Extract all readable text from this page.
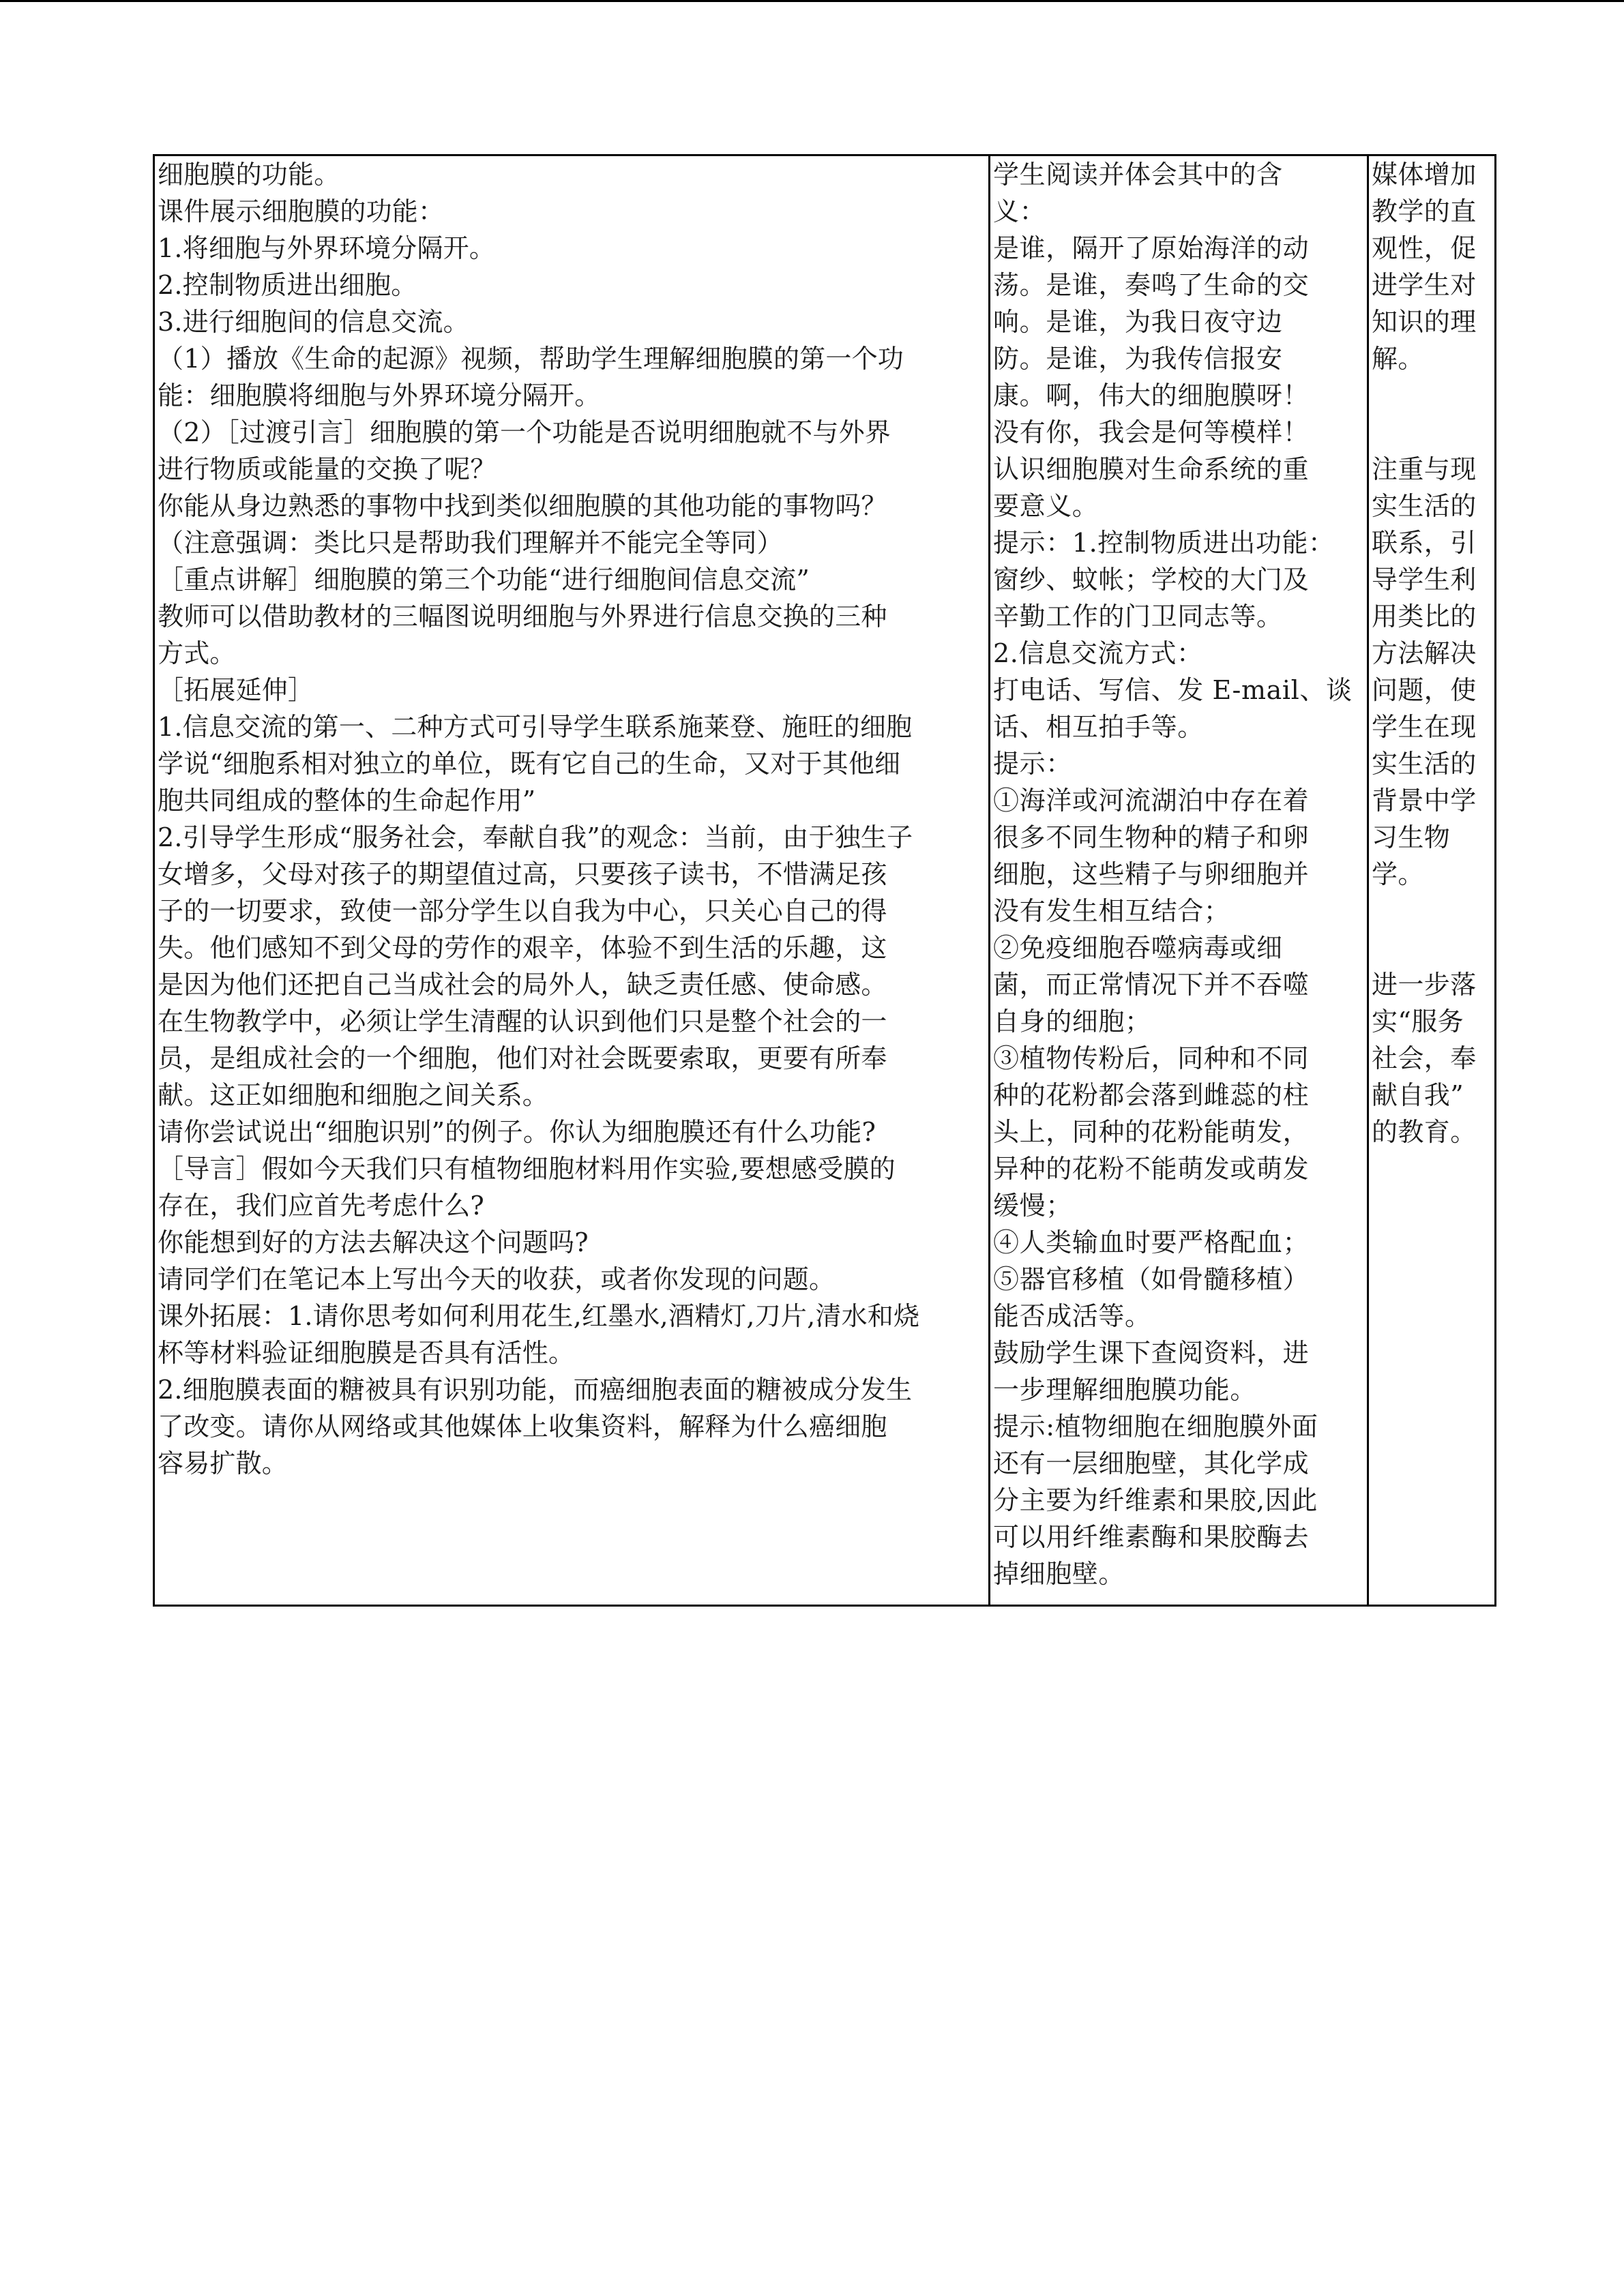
细胞膜的功能。
课件展示细胞膜的功能：
1.将细胞与外界环境分隔开。
2.控制物质进出细胞。
3.进行细胞间的信息交流。
（1）播放《生命的起源》视频，帮助学生理解细胞膜的第一个功
能：细胞膜将细胞与外界环境分隔开。
（2）［过渡引言］细胞膜的第一个功能是否说明细胞就不与外界
进行物质或能量的交换了呢？
你能从身边熟悉的事物中找到类似细胞膜的其他功能的事物吗？
（注意强调：类比只是帮助我们理解并不能完全等同）
［重点讲解］细胞膜的第三个功能“进行细胞间信息交流”
教师可以借助教材的三幅图说明细胞与外界进行信息交换的三种
方式。
［拓展延伸］
1.信息交流的第一、二种方式可引导学生联系施莱登、施旺的细胞
学说“细胞系相对独立的单位，既有它自己的生命，又对于其他细
胞共同组成的整体的生命起作用”
2.引导学生形成“服务社会，奉献自我”的观念：当前，由于独生子
女增多，父母对孩子的期望值过高，只要孩子读书，不惜满足孩
子的一切要求，致使一部分学生以自我为中心，只关心自己的得
失。他们感知不到父母的劳作的艰辛，体验不到生活的乐趣，这
是因为他们还把自己当成社会的局外人，缺乏责任感、使命感。
在生物教学中，必须让学生清醒的认识到他们只是整个社会的一
员，是组成社会的一个细胞，他们对社会既要索取，更要有所奉
献。这正如细胞和细胞之间关系。
请你尝试说出“细胞识别”的例子。你认为细胞膜还有什么功能?
［导言］假如今天我们只有植物细胞材料用作实验,要想感受膜的
存在，我们应首先考虑什么?
你能想到好的方法去解决这个问题吗?
请同学们在笔记本上写出今天的收获，或者你发现的问题。
课外拓展：1.请你思考如何利用花生,红墨水,酒精灯,刀片,清水和烧
杯等材料验证细胞膜是否具有活性。
2.细胞膜表面的糖被具有识别功能，而癌细胞表面的糖被成分发生
了改变。请你从网络或其他媒体上收集资料，解释为什么癌细胞
容易扩散。

学生阅读并体会其中的含
义：
是谁，隔开了原始海洋的动
荡。是谁，奏鸣了生命的交
响。是谁，为我日夜守边
防。是谁，为我传信报安
康。啊，伟大的细胞膜呀！
没有你，我会是何等模样！
认识细胞膜对生命系统的重
要意义。
提示：1.控制物质进出功能：
窗纱、蚊帐；学校的大门及
辛勤工作的门卫同志等。
2.信息交流方式：
打电话、写信、发 E-mail、谈
话、相互拍手等。
提示：
①海洋或河流湖泊中存在着
很多不同生物种的精子和卵
细胞，这些精子与卵细胞并
没有发生相互结合；
②免疫细胞吞噬病毒或细
菌，而正常情况下并不吞噬
自身的细胞；
③植物传粉后，同种和不同
种的花粉都会落到雌蕊的柱
头上，同种的花粉能萌发，
异种的花粉不能萌发或萌发
缓慢；
④人类输血时要严格配血；
⑤器官移植（如骨髓移植）
能否成活等。
鼓励学生课下查阅资料，进
一步理解细胞膜功能。
提示:植物细胞在细胞膜外面
还有一层细胞壁，其化学成
分主要为纤维素和果胶,因此
可以用纤维素酶和果胶酶去
掉细胞壁。

媒体增加
教学的直
观性，促
进学生对
知识的理
解。
注重与现
实生活的
联系，引
导学生利
用类比的
方法解决
问题，使
学生在现
实生活的
背景中学
习生物
学。
进一步落
实“服务
社会，奉
献自我”
的教育。
